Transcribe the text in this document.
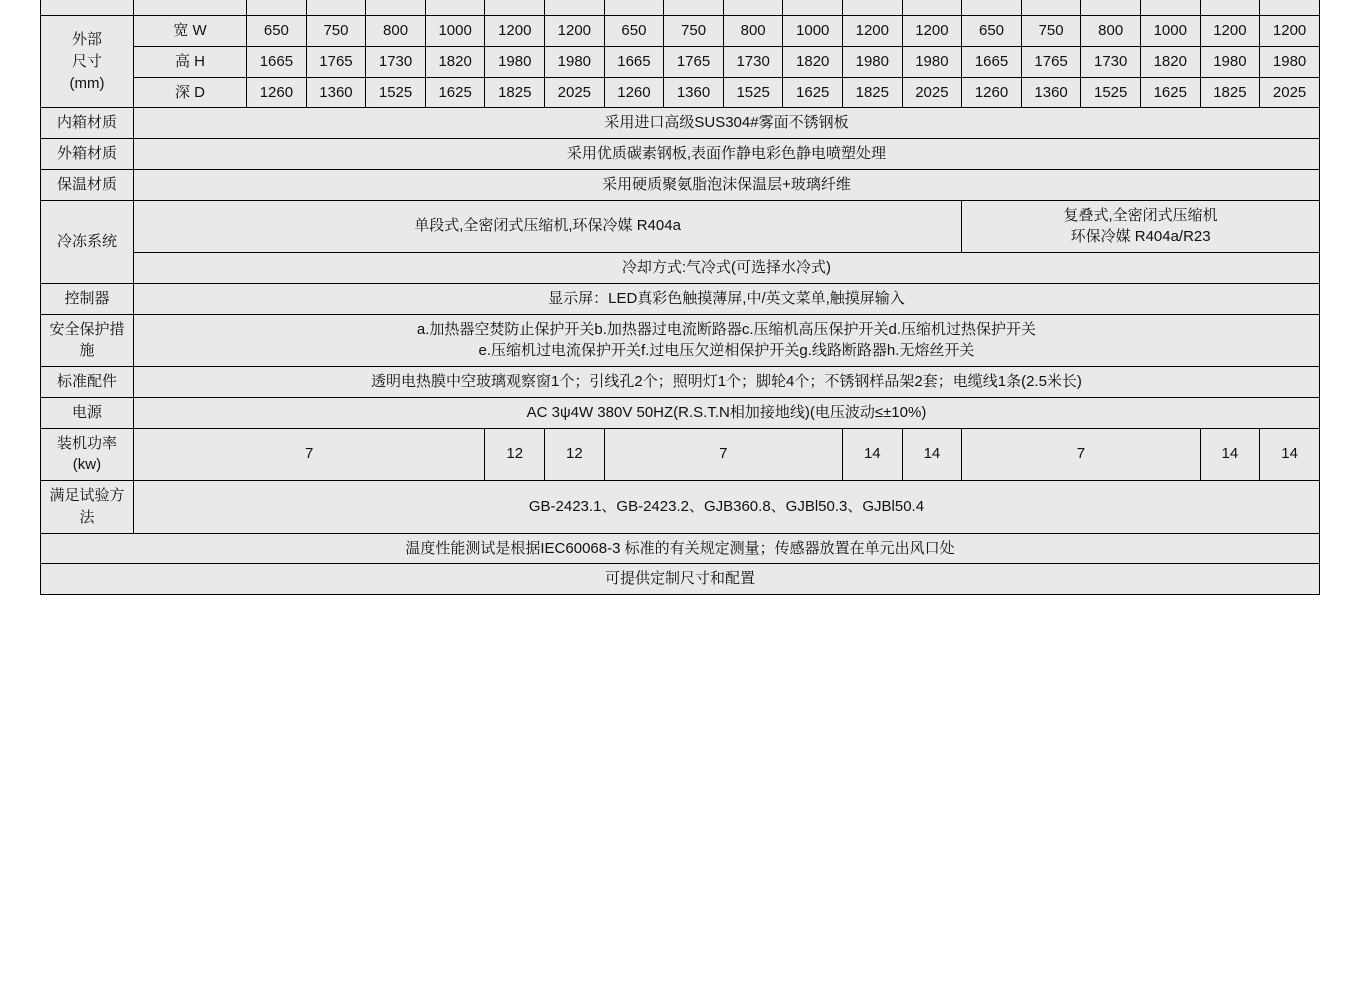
外部
尺寸
(mm)	宽 W	650	750	800	1000	1200	1200	650	750	800	1000	1200	1200	650	750	800	1000	1200	1200
	高 H	1665	1765	1730	1820	1980	1980	1665	1765	1730	1820	1980	1980	1665	1765	1730	1820	1980	1980
	深 D	1260	1360	1525	1625	1825	2025	1260	1360	1525	1625	1825	2025	1260	1360	1525	1625	1825	2025
内箱材质	采用进口高级SUS304#雾面不锈钢板																		
外箱材质	采用优质碳素钢板,表面作静电彩色静电喷塑处理																		
保温材质	采用硬质聚氨脂泡沫保温层+玻璃纤维																		
冷冻系统	单段式,全密闭式压缩机,环保冷媒 R404a													复叠式,全密闭式压缩机
环保冷媒 R404a/R23					

	冷却方式:气冷式(可选择水冷式)																		
控制器	显示屏：LED真彩色触摸薄屏,中/英文菜单,触摸屏输入																		
安全保护措施	a.加热器空焚防止保护开关b.加热器过电流断路器c.压缩机高压保护开关d.压缩机过热保护开关
e.压缩机过电流保护开关f.过电压欠逆相保护开关g.线路断路器h.无熔丝开关																		

标准配件	透明电热膜中空玻璃观察窗1个；引线孔2个；照明灯1个；脚轮4个；不锈钢样品架2套；电缆线1条(2.5米长)																		
电源	AC 3ψ4W 380V 50HZ(R.S.T.N相加接地线)(电压波动≤±10%)																		
装机功率(kw)	7					12	12	7				14	14	7				14	14
满足试验方法	GB-2423.1、GB-2423.2、GJB360.8、GJBl50.3、GJBl50.4																		
温度性能测试是根据IEC60068-3 标准的有关规定测量；传感器放置在单元出风口处																			
可提供定制尺寸和配置																			
